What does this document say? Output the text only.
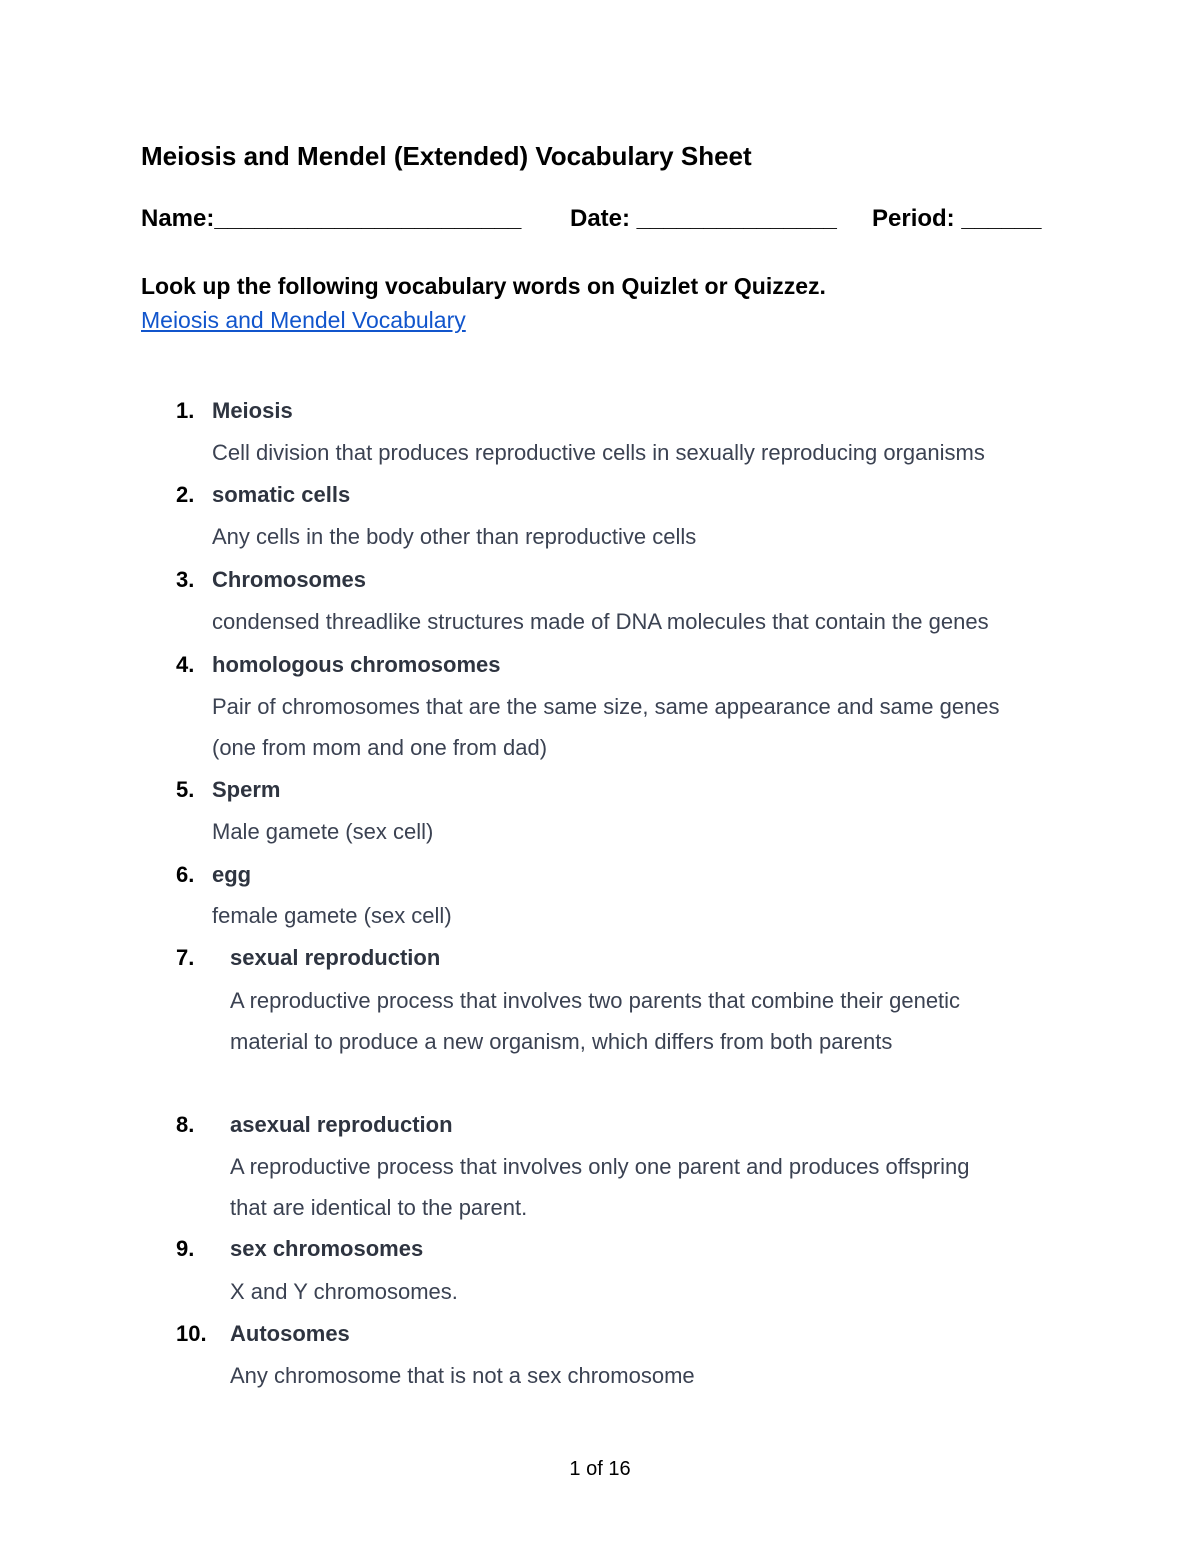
Meiosis and Mendel (Extended) Vocabulary Sheet
Name:_______________________ Date: _______________ Period: ______
Look up the following vocabulary words on Quizlet or Quizzez.
Meiosis and Mendel Vocabulary
1. Meiosis
Cell division that produces reproductive cells in sexually reproducing organisms
2. somatic cells
Any cells in the body other than reproductive cells
3. Chromosomes
condensed threadlike structures made of DNA molecules that contain the genes
4. homologous chromosomes
Pair of chromosomes that are the same size, same appearance and same genes
(one from mom and one from dad)
5. Sperm
Male gamete (sex cell)
6. egg
female gamete (sex cell)
7. sexual reproduction
A reproductive process that involves two parents that combine their genetic
material to produce a new organism, which differs from both parents
8. asexual reproduction
A reproductive process that involves only one parent and produces offspring
that are identical to the parent.
9. sex chromosomes
X and Y chromosomes.
10. Autosomes
Any chromosome that is not a sex chromosome
1 of 16
